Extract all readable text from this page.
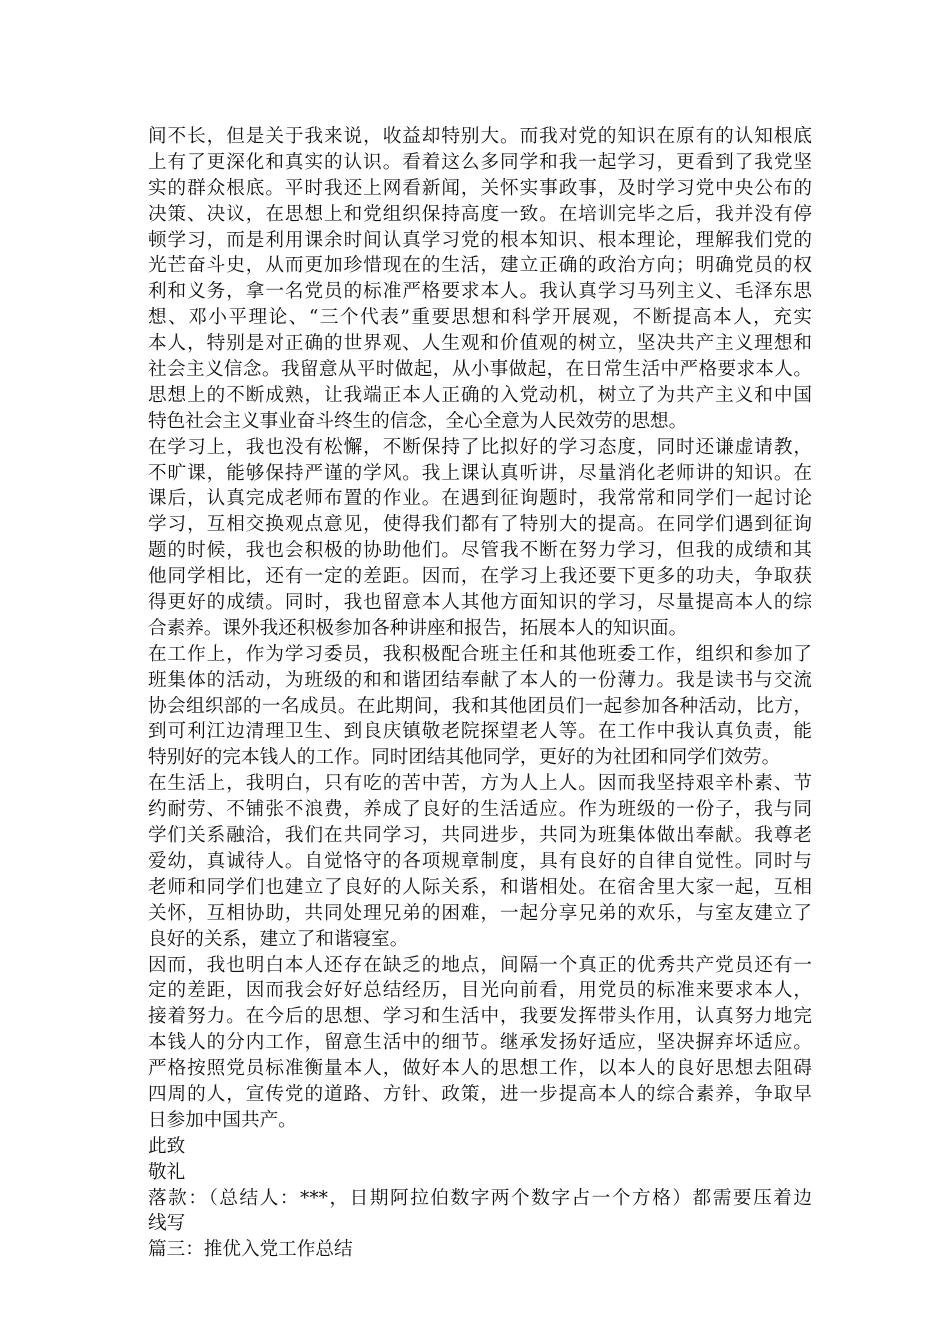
间不长，但是关于我来说，收益却特别大。而我对党的知识在原有的认知根底
上有了更深化和真实的认识。看着这么多同学和我一起学习，更看到了我党坚
实的群众根底。平时我还上网看新闻，关怀实事政事，及时学习党中央公布的
决策、决议，在思想上和党组织保持高度一致。在培训完毕之后，我并没有停
顿学习，而是利用课余时间认真学习党的根本知识、根本理论，理解我们党的
光芒奋斗史，从而更加珍惜现在的生活，建立正确的政治方向；明确党员的权
利和义务，拿一名党员的标准严格要求本人。我认真学习马列主义、毛泽东思
想、邓小平理论、“三个代表”重要思想和科学开展观，不断提高本人，充实
本人，特别是对正确的世界观、人生观和价值观的树立，坚决共产主义理想和
社会主义信念。我留意从平时做起，从小事做起，在日常生活中严格要求本人。
思想上的不断成熟，让我端正本人正确的入党动机，树立了为共产主义和中国
特色社会主义事业奋斗终生的信念，全心全意为人民效劳的思想。
在学习上，我也没有松懈，不断保持了比拟好的学习态度，同时还谦虚请教，
不旷课，能够保持严谨的学风。我上课认真听讲，尽量消化老师讲的知识。在
课后，认真完成老师布置的作业。在遇到征询题时，我常常和同学们一起讨论
学习，互相交换观点意见，使得我们都有了特别大的提高。在同学们遇到征询
题的时候，我也会积极的协助他们。尽管我不断在努力学习，但我的成绩和其
他同学相比，还有一定的差距。因而，在学习上我还要下更多的功夫，争取获
得更好的成绩。同时，我也留意本人其他方面知识的学习，尽量提高本人的综
合素养。课外我还积极参加各种讲座和报告，拓展本人的知识面。
在工作上，作为学习委员，我积极配合班主任和其他班委工作，组织和参加了
班集体的活动，为班级的和和谐团结奉献了本人的一份薄力。我是读书与交流
协会组织部的一名成员。在此期间，我和其他团员们一起参加各种活动，比方，
到可利江边清理卫生、到良庆镇敬老院探望老人等。在工作中我认真负责，能
特别好的完本钱人的工作。同时团结其他同学，更好的为社团和同学们效劳。
在生活上，我明白，只有吃的苦中苦，方为人上人。因而我坚持艰辛朴素、节
约耐劳、不铺张不浪费，养成了良好的生活适应。作为班级的一份子，我与同
学们关系融洽，我们在共同学习，共同进步，共同为班集体做出奉献。我尊老
爱幼，真诚待人。自觉恪守的各项规章制度，具有良好的自律自觉性。同时与
老师和同学们也建立了良好的人际关系，和谐相处。在宿舍里大家一起，互相
关怀，互相协助，共同处理兄弟的困难，一起分享兄弟的欢乐，与室友建立了
良好的关系，建立了和谐寝室。
因而，我也明白本人还存在缺乏的地点，间隔一个真正的优秀共产党员还有一
定的差距，因而我会好好总结经历，目光向前看，用党员的标准来要求本人，
接着努力。在今后的思想、学习和生活中，我要发挥带头作用，认真努力地完
本钱人的分内工作，留意生活中的细节。继承发扬好适应，坚决摒弃坏适应。
严格按照党员标准衡量本人，做好本人的思想工作，以本人的良好思想去阻碍
四周的人，宣传党的道路、方针、政策，进一步提高本人的综合素养，争取早
日参加中国共产。
此致
敬礼
落款：（总结人：***，日期阿拉伯数字两个数字占一个方格）都需要压着边
线写
篇三：推优入党工作总结
